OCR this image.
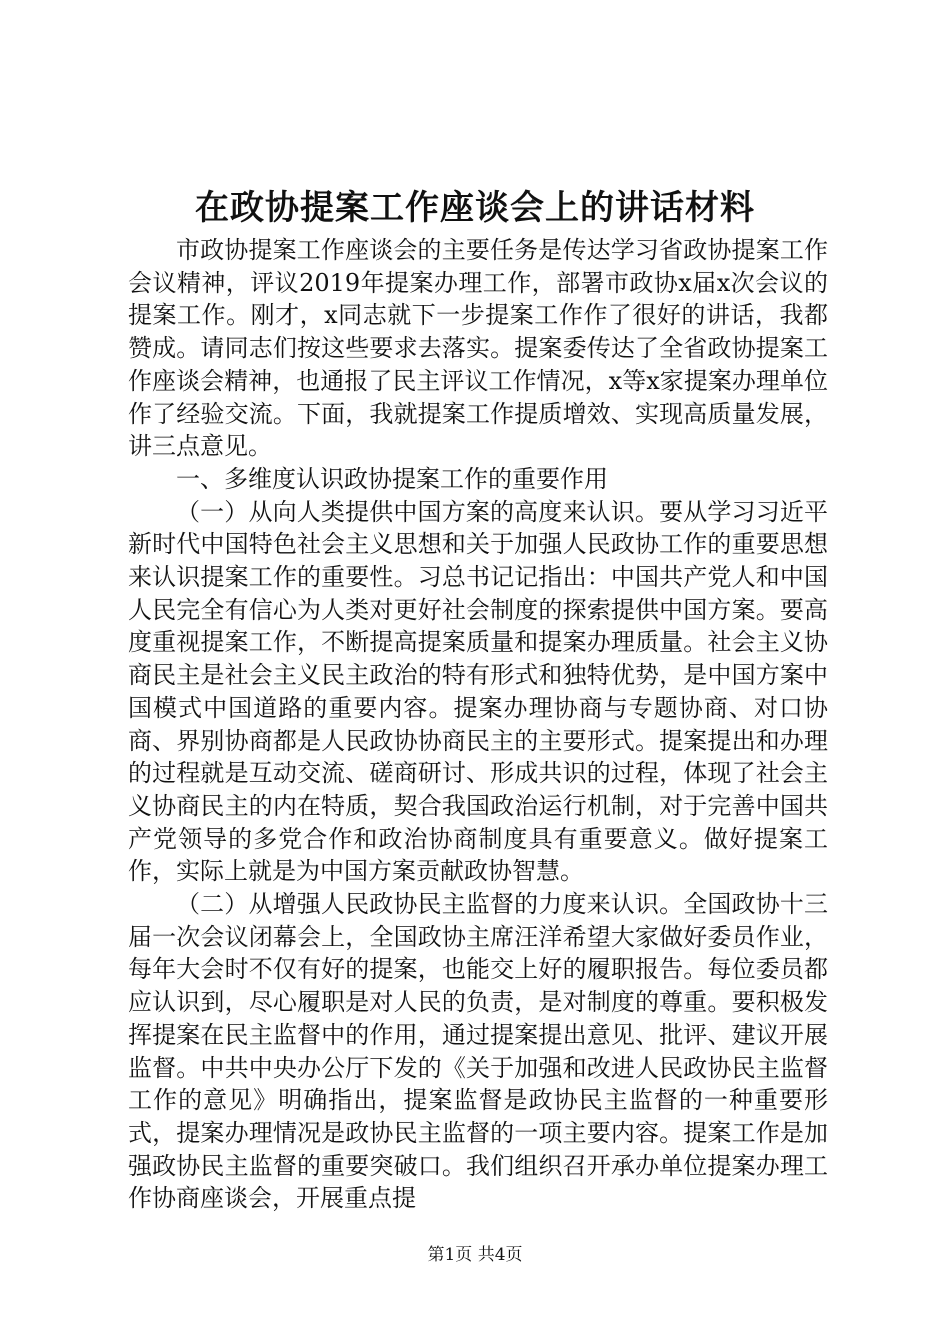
在政协提案工作座谈会上的讲话材料

市政协提案工作座谈会的主要任务是传达学习省政协提案工作会议精神，评议2019年提案办理工作，部署市政协x届x次会议的提案工作。刚才，x同志就下一步提案工作作了很好的讲话，我都赞成。请同志们按这些要求去落实。提案委传达了全省政协提案工作座谈会精神，也通报了民主评议工作情况，x等x家提案办理单位作了经验交流。下面，我就提案工作提质增效、实现高质量发展，讲三点意见。

一、多维度认识政协提案工作的重要作用

（一）从向人类提供中国方案的高度来认识。要从学习习近平新时代中国特色社会主义思想和关于加强人民政协工作的重要思想来认识提案工作的重要性。习总书记记指出：中国共产党人和中国人民完全有信心为人类对更好社会制度的探索提供中国方案。要高度重视提案工作，不断提高提案质量和提案办理质量。社会主义协商民主是社会主义民主政治的特有形式和独特优势，是中国方案中国模式中国道路的重要内容。提案办理协商与专题协商、对口协商、界别协商都是人民政协协商民主的主要形式。提案提出和办理的过程就是互动交流、磋商研讨、形成共识的过程，体现了社会主义协商民主的内在特质，契合我国政治运行机制，对于完善中国共产党领导的多党合作和政治协商制度具有重要意义。做好提案工作，实际上就是为中国方案贡献政协智慧。

（二）从增强人民政协民主监督的力度来认识。全国政协十三届一次会议闭幕会上，全国政协主席汪洋希望大家做好委员作业，每年大会时不仅有好的提案，也能交上好的履职报告。每位委员都应认识到，尽心履职是对人民的负责，是对制度的尊重。要积极发挥提案在民主监督中的作用，通过提案提出意见、批评、建议开展监督。中共中央办公厅下发的《关于加强和改进人民政协民主监督工作的意见》明确指出，提案监督是政协民主监督的一种重要形式，提案办理情况是政协民主监督的一项主要内容。提案工作是加强政协民主监督的重要突破口。我们组织召开承办单位提案办理工作协商座谈会，开展重点提

第1页 共4页
